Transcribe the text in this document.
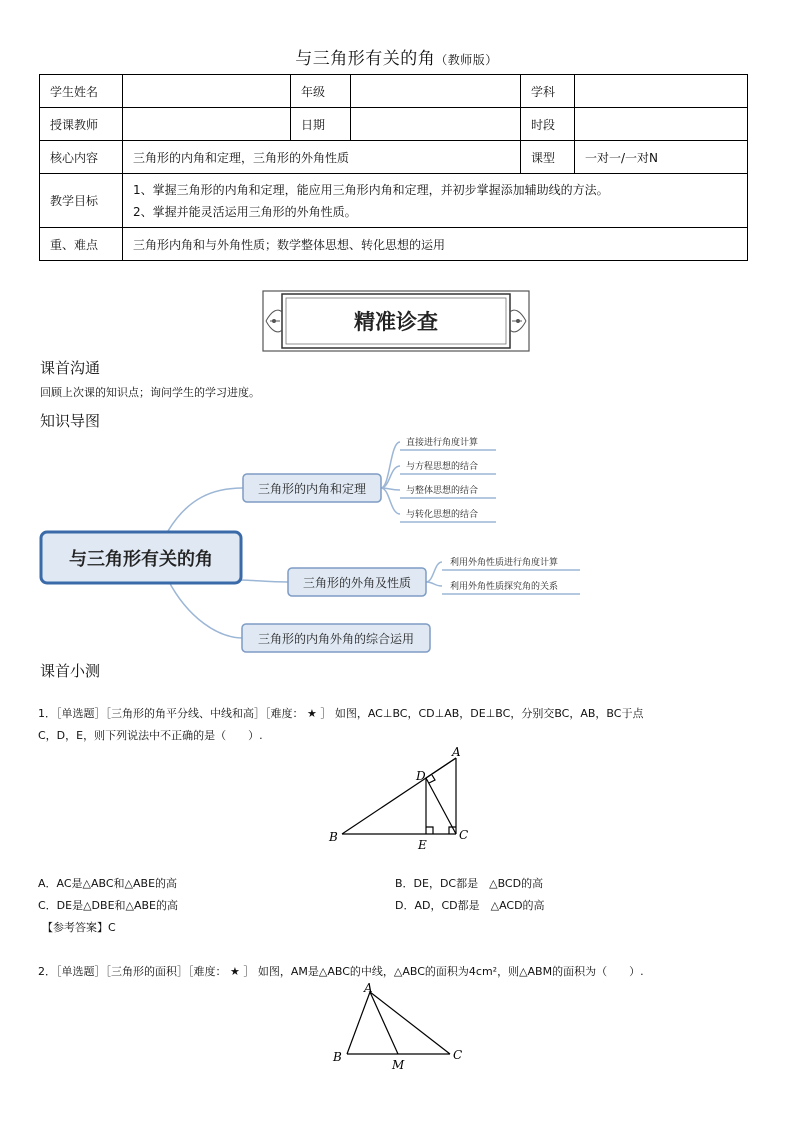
与三角形有关的角（教师版）
学生姓名		年级		学科	
授课教师		日期		时段	
核心内容	三角形的内角和定理，三角形的外角性质			课型	一对一/一对N
教学目标	1、掌握三角形的内角和定理，能应用三角形内角和定理，并初步掌握添加辅助线的方法。
2、掌握并能灵活运用三角形的外角性质。				

重、难点	三角形内角和与外角性质；数学整体思想、转化思想的运用				
精准诊查
课首沟通
回顾上次课的知识点；询问学生的学习进度。
知识导图
与三角形有关的角
三角形的内角和定理
三角形的外角及性质
三角形的内角外角的综合运用
直接进行角度计算
与方程思想的结合
与整体思想的结合
与转化思想的结合
利用外角性质进行角度计算
利用外角性质探究角的关系
课首小测
1．［单选题］［三角形的角平分线、中线和高］［难度： ★ ］ 如图，AC⊥BC，CD⊥AB，DE⊥BC，分别交BC，AB，BC于点
C，D，E，则下列说法中不正确的是（　　）.
A
B	C
D
E
A．AC是△ABC和△ABE的高	B．DE，DC都是　△BCD的高
C．DE是△DBE和△ABE的高	D．AD，CD都是　△ACD的高
【参考答案】C
2．［单选题］［三角形的面积］［难度： ★ ］ 如图，AM是△ABC的中线，△ABC的面积为4cm²，则△ABM的面积为（　　）.
A
B
M
C
